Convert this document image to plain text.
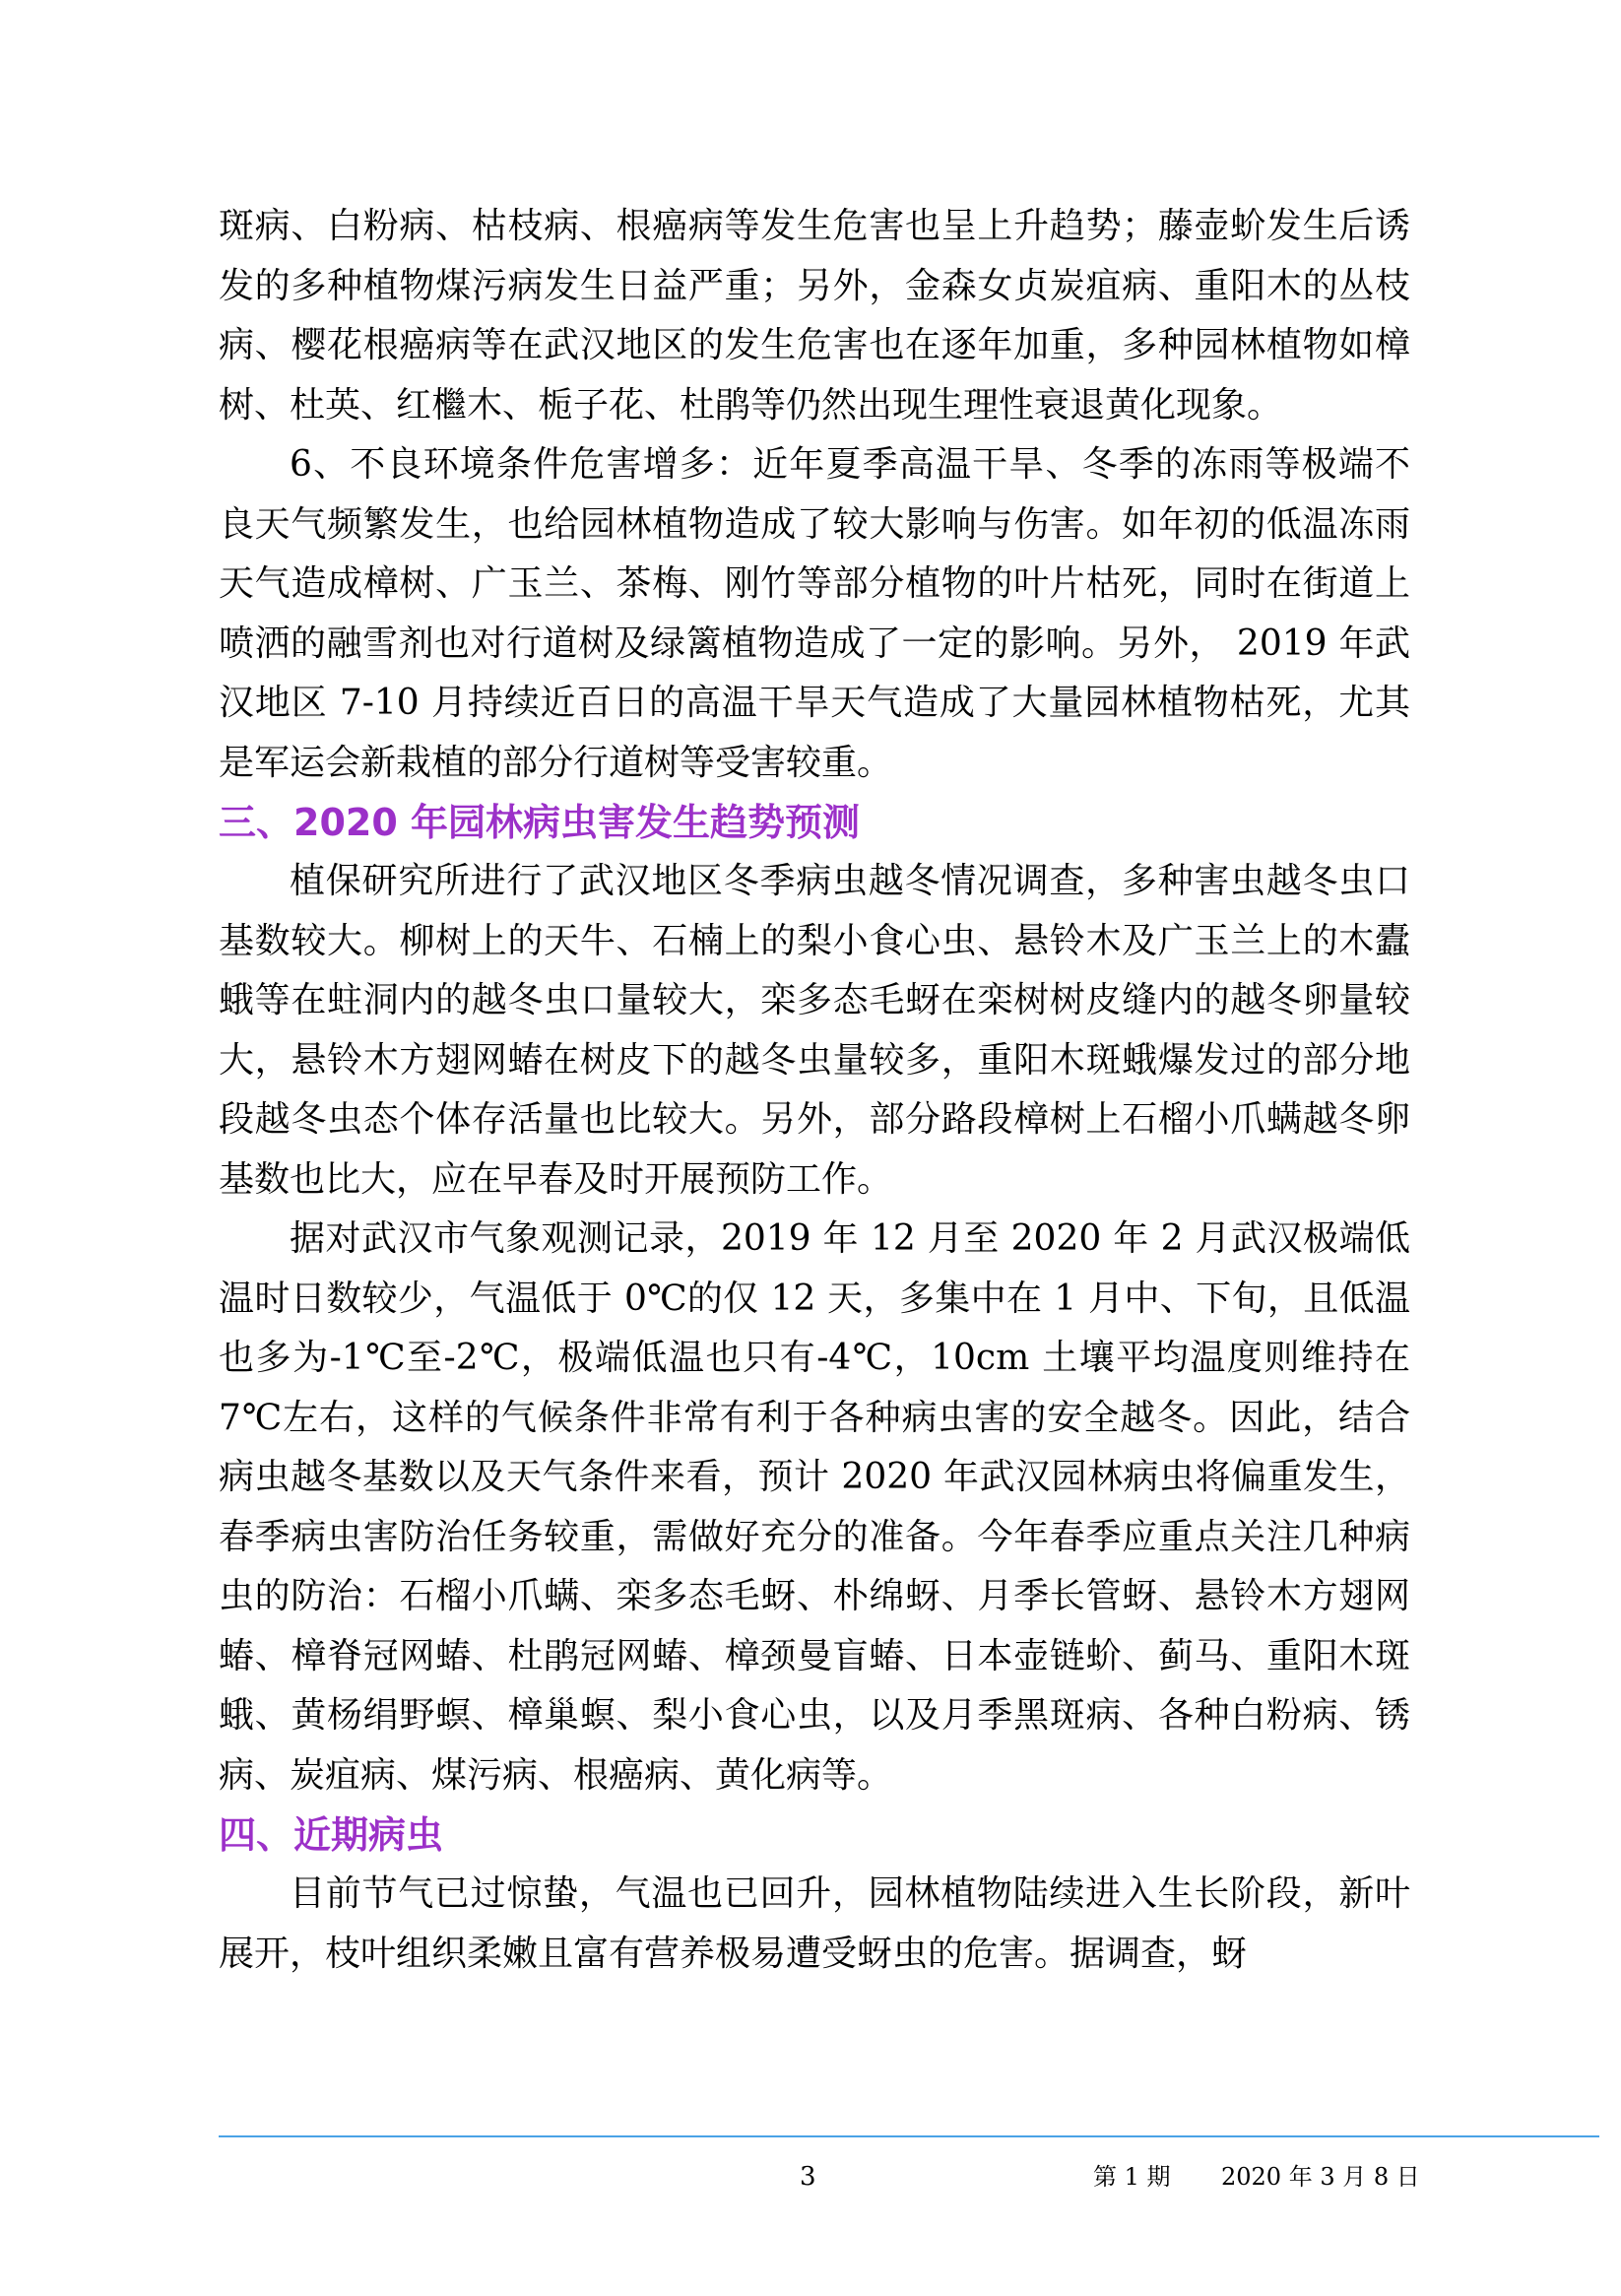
斑病、白粉病、枯枝病、根癌病等发生危害也呈上升趋势；藤壶蚧发生后诱发的多种植物煤污病发生日益严重；另外，金森女贞炭疽病、重阳木的丛枝病、樱花根癌病等在武汉地区的发生危害也在逐年加重，多种园林植物如樟树、杜英、红檵木、栀子花、杜鹃等仍然出现生理性衰退黄化现象。

6、不良环境条件危害增多：近年夏季高温干旱、冬季的冻雨等极端不良天气频繁发生，也给园林植物造成了较大影响与伤害。如年初的低温冻雨天气造成樟树、广玉兰、茶梅、刚竹等部分植物的叶片枯死，同时在街道上喷洒的融雪剂也对行道树及绿篱植物造成了一定的影响。另外， 2019 年武汉地区 7-10 月持续近百日的高温干旱天气造成了大量园林植物枯死，尤其是军运会新栽植的部分行道树等受害较重。

三、2020 年园林病虫害发生趋势预测

植保研究所进行了武汉地区冬季病虫越冬情况调查，多种害虫越冬虫口基数较大。柳树上的天牛、石楠上的梨小食心虫、悬铃木及广玉兰上的木蠹蛾等在蛀洞内的越冬虫口量较大，栾多态毛蚜在栾树树皮缝内的越冬卵量较大，悬铃木方翅网蝽在树皮下的越冬虫量较多，重阳木斑蛾爆发过的部分地段越冬虫态个体存活量也比较大。另外，部分路段樟树上石榴小爪螨越冬卵基数也比大，应在早春及时开展预防工作。

据对武汉市气象观测记录，2019 年 12 月至 2020 年 2 月武汉极端低温时日数较少，气温低于 0℃的仅 12 天，多集中在 1 月中、下旬，且低温也多为-1℃至-2℃，极端低温也只有-4℃，10cm 土壤平均温度则维持在 7℃左右，这样的气候条件非常有利于各种病虫害的安全越冬。因此，结合病虫越冬基数以及天气条件来看，预计 2020 年武汉园林病虫将偏重发生，春季病虫害防治任务较重，需做好充分的准备。今年春季应重点关注几种病虫的防治：石榴小爪螨、栾多态毛蚜、朴绵蚜、月季长管蚜、悬铃木方翅网蝽、樟脊冠网蝽、杜鹃冠网蝽、樟颈曼盲蝽、日本壶链蚧、蓟马、重阳木斑蛾、黄杨绢野螟、樟巢螟、梨小食心虫，以及月季黑斑病、各种白粉病、锈病、炭疽病、煤污病、根癌病、黄化病等。

四、近期病虫

目前节气已过惊蛰，气温也已回升，园林植物陆续进入生长阶段，新叶展开，枝叶组织柔嫩且富有营养极易遭受蚜虫的危害。据调查，蚜

3	第 1 期 2020 年 3 月 8 日
